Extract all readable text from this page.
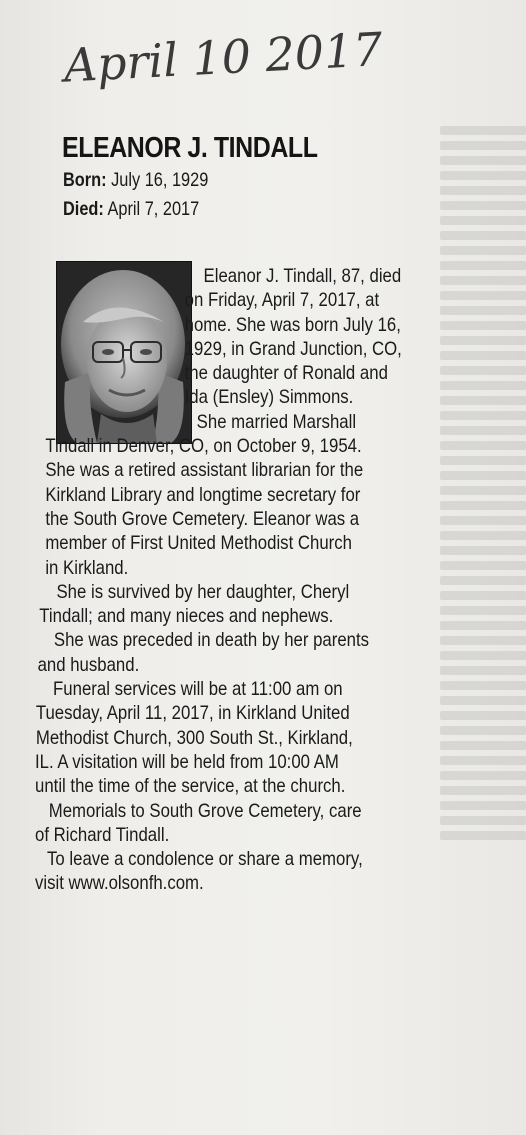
April 10 2017
ELEANOR J. TINDALL
Born: July 16, 1929
Died: April 7, 2017
Eleanor J. Tindall, 87, died
on Friday, April 7, 2017, at
home. She was born July 16,
1929, in Grand Junction, CO,
the daughter of Ronald and
Ida (Ensley) Simmons.
She married Marshall
Tindall in Denver, CO, on October 9, 1954.
She was a retired assistant librarian for the
Kirkland Library and longtime secretary for
the South Grove Cemetery. Eleanor was a
member of First United Methodist Church
in Kirkland.
She is survived by her daughter, Cheryl
Tindall; and many nieces and nephews.
She was preceded in death by her parents
and husband.
Funeral services will be at 11:00 am on
Tuesday, April 11, 2017, in Kirkland United
Methodist Church, 300 South St., Kirkland,
IL. A visitation will be held from 10:00 AM
until the time of the service, at the church.
Memorials to South Grove Cemetery, care
of Richard Tindall.
To leave a condolence or share a memory,
visit www.olsonfh.com.
